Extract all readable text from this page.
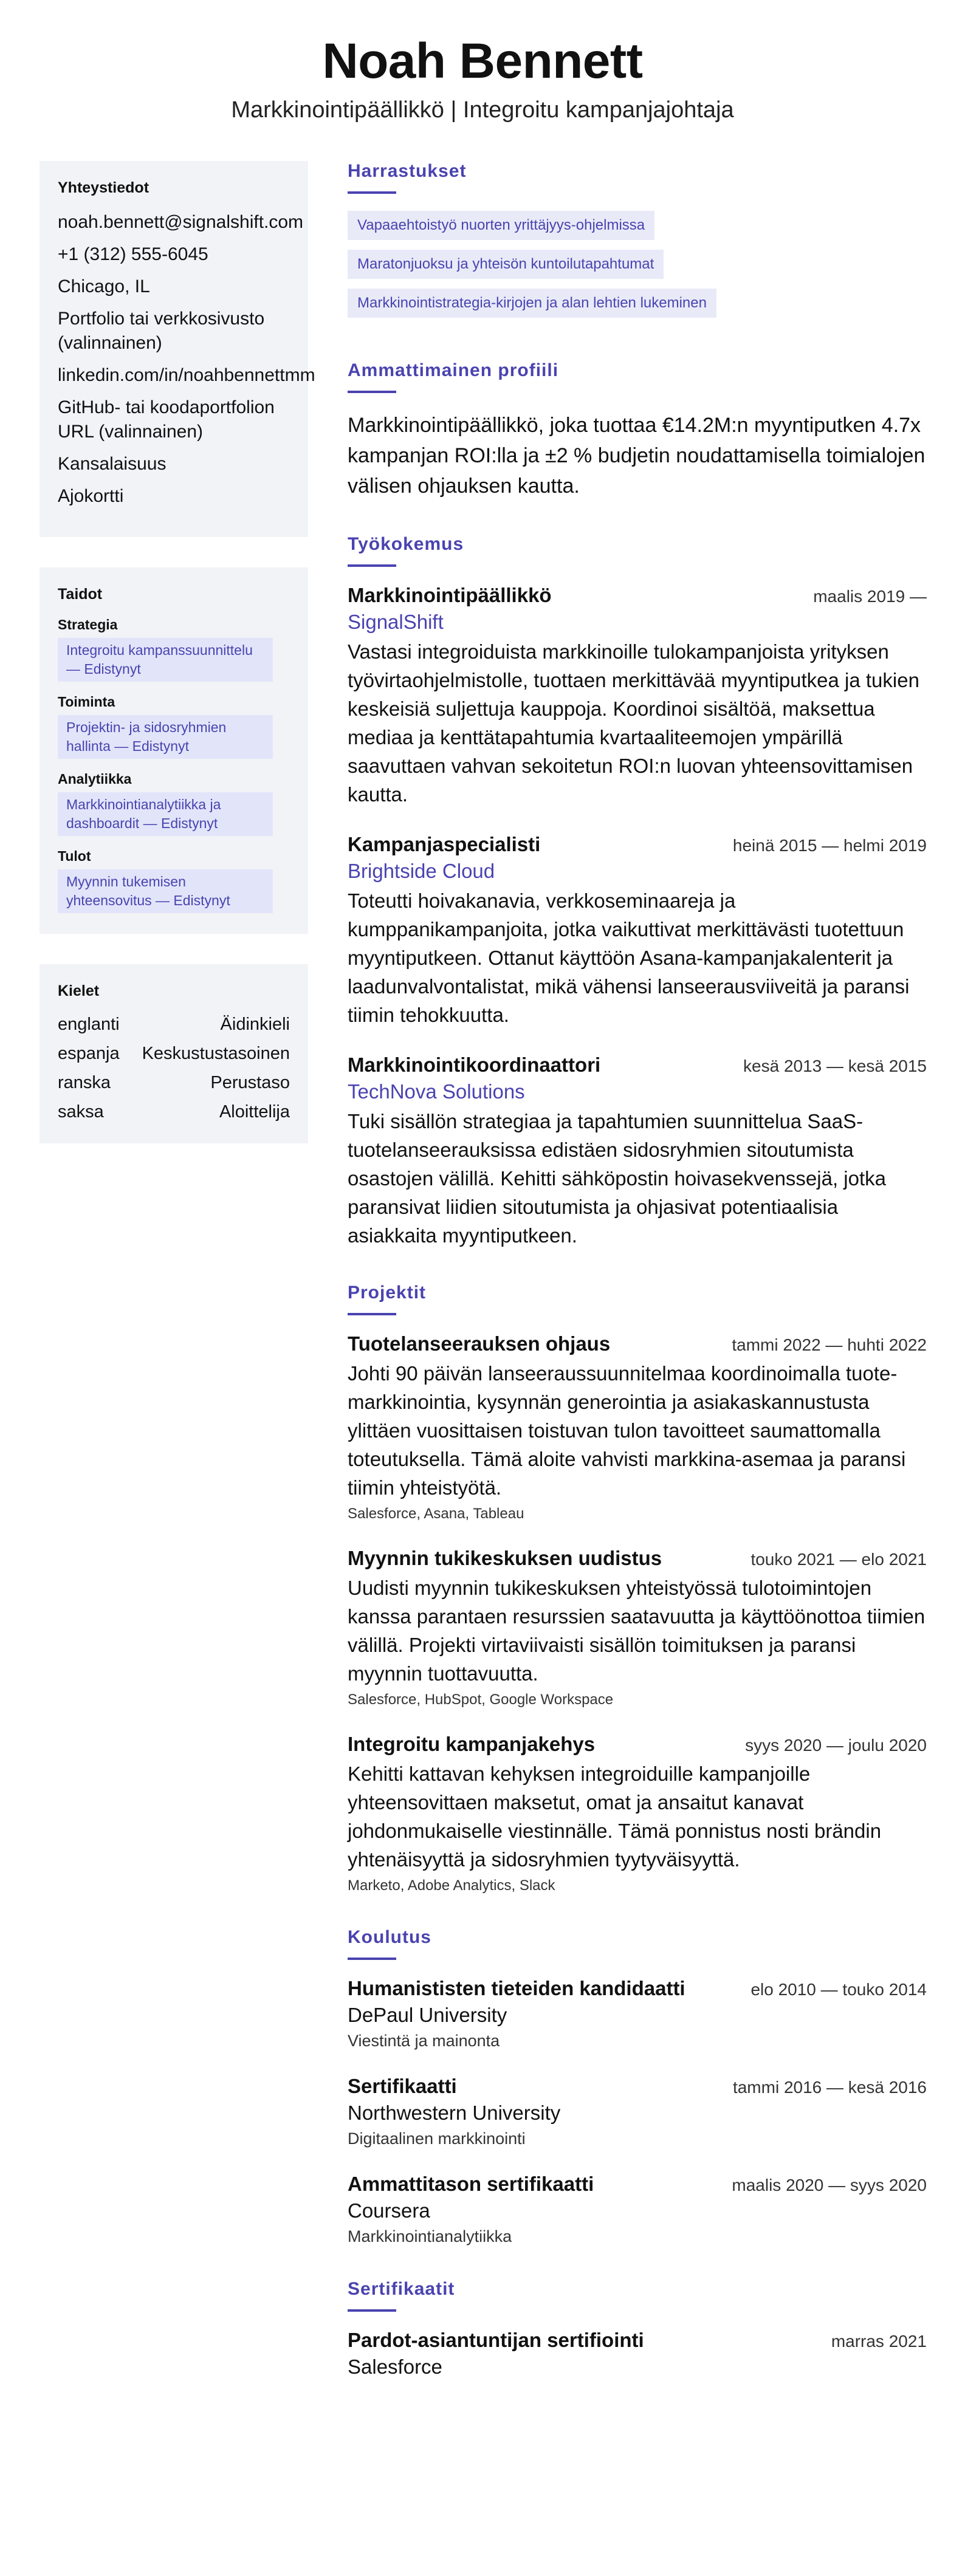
Noah Bennett
Markkinointipäällikkö | Integroitu kampanjajohtaja
Yhteystiedot
noah.bennett@signalshift.com
+1 (312) 555-6045
Chicago, IL
Portfolio tai verkkosivusto (valinnainen)
linkedin.com/in/noahbennettmm
GitHub- tai koodaportfolion URL (valinnainen)
Kansalaisuus
Ajokortti
Taidot
Strategia
Integroitu kampanssuunnittelu — Edistynyt
Toiminta
Projektin- ja sidosryhmien hallinta — Edistynyt
Analytiikka
Markkinointianalytiikka ja dashboardit — Edistynyt
Tulot
Myynnin tukemisen yhteensovitus — Edistynyt
Kielet
englanti	Äidinkieli
espanja Keskustustasoinen
ranska	Perustaso
saksa	Aloittelija
Harrastukset
Vapaaehtoistyö nuorten yrittäjyys-ohjelmissa
Maratonjuoksu ja yhteisön kuntoilutapahtumat
Markkinointistrategia-kirjojen ja alan lehtien lukeminen
Ammattimainen profiili
Markkinointipäällikkö, joka tuottaa €14.2M:n myyntiputken 4.7x kampanjan ROI:lla ja ±2 % budjetin noudattamisella toimialojen välisen ohjauksen kautta.
Työkokemus
Markkinointipäällikkö	maalis 2019 —
SignalShift
Vastasi integroiduista markkinoille tulokampanjoista yrityksen työvirtaohjelmistolle, tuottaen merkittävää myyntiputkea ja tukien keskeisiä suljettuja kauppoja. Koordinoi sisältöä, maksettua mediaa ja kenttätapahtumia kvartaaliteemojen ympärillä saavuttaen vahvan sekoitetun ROI:n luovan yhteensovittamisen kautta.
Kampanjaspecialisti	heinä 2015 — helmi 2019
Brightside Cloud
Toteutti hoivakanavia, verkkoseminaareja ja kumppanikampanjoita, jotka vaikuttivat merkittävästi tuotettuun myyntiputkeen. Ottanut käyttöön Asana-kampanjakalenterit ja laadunvalvontalistat, mikä vähensi lanseerausviiveitä ja paransi tiimin tehokkuutta.
Markkinointikoordinaattori	kesä 2013 — kesä 2015
TechNova Solutions
Tuki sisällön strategiaa ja tapahtumien suunnittelua SaaS-tuotelanseerauksissa edistäen sidosryhmien sitoutumista osastojen välillä. Kehitti sähköpostin hoivasekvenssejä, jotka paransivat liidien sitoutumista ja ohjasivat potentiaalisia asiakkaita myyntiputkeen.
Projektit
Tuotelanseerauksen ohjaus	tammi 2022 — huhti 2022
Johti 90 päivän lanseeraussuunnitelmaa koordinoimalla tuote-markkinointia, kysynnän generointia ja asiakaskannustusta ylittäen vuosittaisen toistuvan tulon tavoitteet saumattomalla toteutuksella. Tämä aloite vahvisti markkina-asemaa ja paransi tiimin yhteistyötä.
Salesforce, Asana, Tableau
Myynnin tukikeskuksen uudistus	touko 2021 — elo 2021
Uudisti myynnin tukikeskuksen yhteistyössä tulotoimintojen kanssa parantaen resurssien saatavuutta ja käyttöönottoa tiimien välillä. Projekti virtaviivaisti sisällön toimituksen ja paransi myynnin tuottavuutta.
Salesforce, HubSpot, Google Workspace
Integroitu kampanjakehys	syys 2020 — joulu 2020
Kehitti kattavan kehyksen integroiduille kampanjoille yhteensovittaen maksetut, omat ja ansaitut kanavat johdonmukaiselle viestinnälle. Tämä ponnistus nosti brändin yhtenäisyyttä ja sidosryhmien tyytyväisyyttä.
Marketo, Adobe Analytics, Slack
Koulutus
Humanististen tieteiden kandidaatti	elo 2010 — touko 2014
DePaul University
Viestintä ja mainonta
Sertifikaatti	tammi 2016 — kesä 2016
Northwestern University
Digitaalinen markkinointi
Ammattitason sertifikaatti	maalis 2020 — syys 2020
Coursera
Markkinointianalytiikka
Sertifikaatit
Pardot-asiantuntijan sertifiointi	marras 2021
Salesforce
